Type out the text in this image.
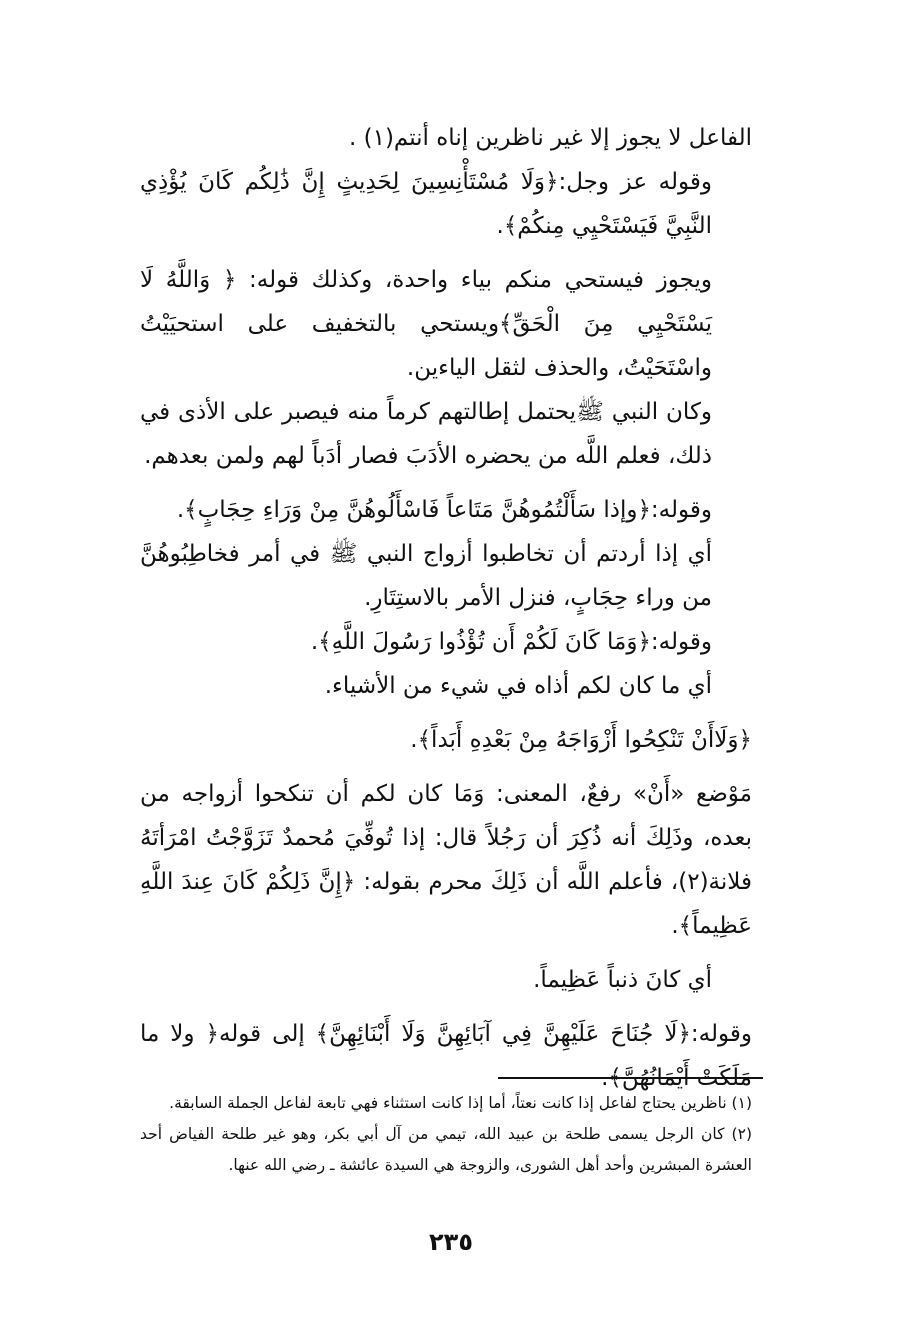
الفاعل لا يجوز إلا غير ناظرين إناه أنتم(١) .

وقوله عز وجل:﴿وَلَا مُسْتَأْنِسِينَ لِحَدِيثٍ إِنَّ ذَٰلِكُم كَانَ يُؤْذِي النَّبِيَّ فَيَسْتَحْيِي مِنكُمْ﴾.

ويجوز فيستحي منكم بياء واحدة، وكذلك قوله: ﴿ وَاللَّهُ لَا يَسْتَحْيِي مِنَ الْحَقِّ﴾ويستحي بالتخفيف على استحيَيْتُ واسْتَحَيْتُ، والحذف لثقل الياءين.

وكان النبي ﷺيحتمل إطالتهم كرماً منه فيصبر على الأذى في ذلك، فعلم اللَّه من يحضره الأدَبَ فصار أدَباً لهم ولمن بعدهم.

وقوله:﴿وإذا سَأَلْتُمُوهُنَّ مَتَاعاً فَاسْأَلُوهُنَّ مِنْ وَرَاءِ حِجَابٍ﴾.

أي إذا أردتم أن تخاطبوا أزواج النبي ﷺ في أمر فخاطِبُوهُنَّ من وراء حِجَابٍ، فنزل الأمر بالاستِتَارِ.

وقوله:﴿وَمَا كَانَ لَكُمْ أَن تُؤْذُوا رَسُولَ اللَّهِ﴾.

أي ما كان لكم أذاه في شيء من الأشياء.

﴿وَلَاأَنْ تَنْكِحُوا أَزْوَاجَهُ مِنْ بَعْدِهِ أَبَداً﴾.

مَوْضع «أَنْ» رفعٌ، المعنى: وَمَا كان لكم أن تنكحوا أزواجه من بعده، وذَلِكَ أنه ذُكِرَ أن رَجُلاً قال: إذا تُوفِّيَ مُحمدٌ تَزَوَّجْتُ امْرَأتَهُ فلانة(٢)، فأعلم اللَّه أن ذَلِكَ محرم بقوله: ﴿إِنَّ ذَلِكُمْ كَانَ عِندَ اللَّهِ عَظِيماً﴾.

أي كانَ ذنباً عَظِيماً.

وقوله:﴿لَا جُنَاحَ عَلَيْهِنَّ فِي آبَائِهِنَّ وَلَا أَبْنَائِهِنَّ﴾ إلى قوله﴿ ولا ما مَلَكَتْ أَيْمَانُهُنَّ﴾.

(١) ناظرين يحتاج لفاعل إذا كانت نعتاً، أما إذا كانت استثناء فهي تابعة لفاعل الجملة السابقة.

(٢) كان الرجل يسمى طلحة بن عبيد الله، تيمي من آل أبي بكر، وهو غير طلحة الفياض أحد العشرة المبشرين وأحد أهل الشورى، والزوجة هي السيدة عائشة ـ رضي الله عنها.

٢٣٥
